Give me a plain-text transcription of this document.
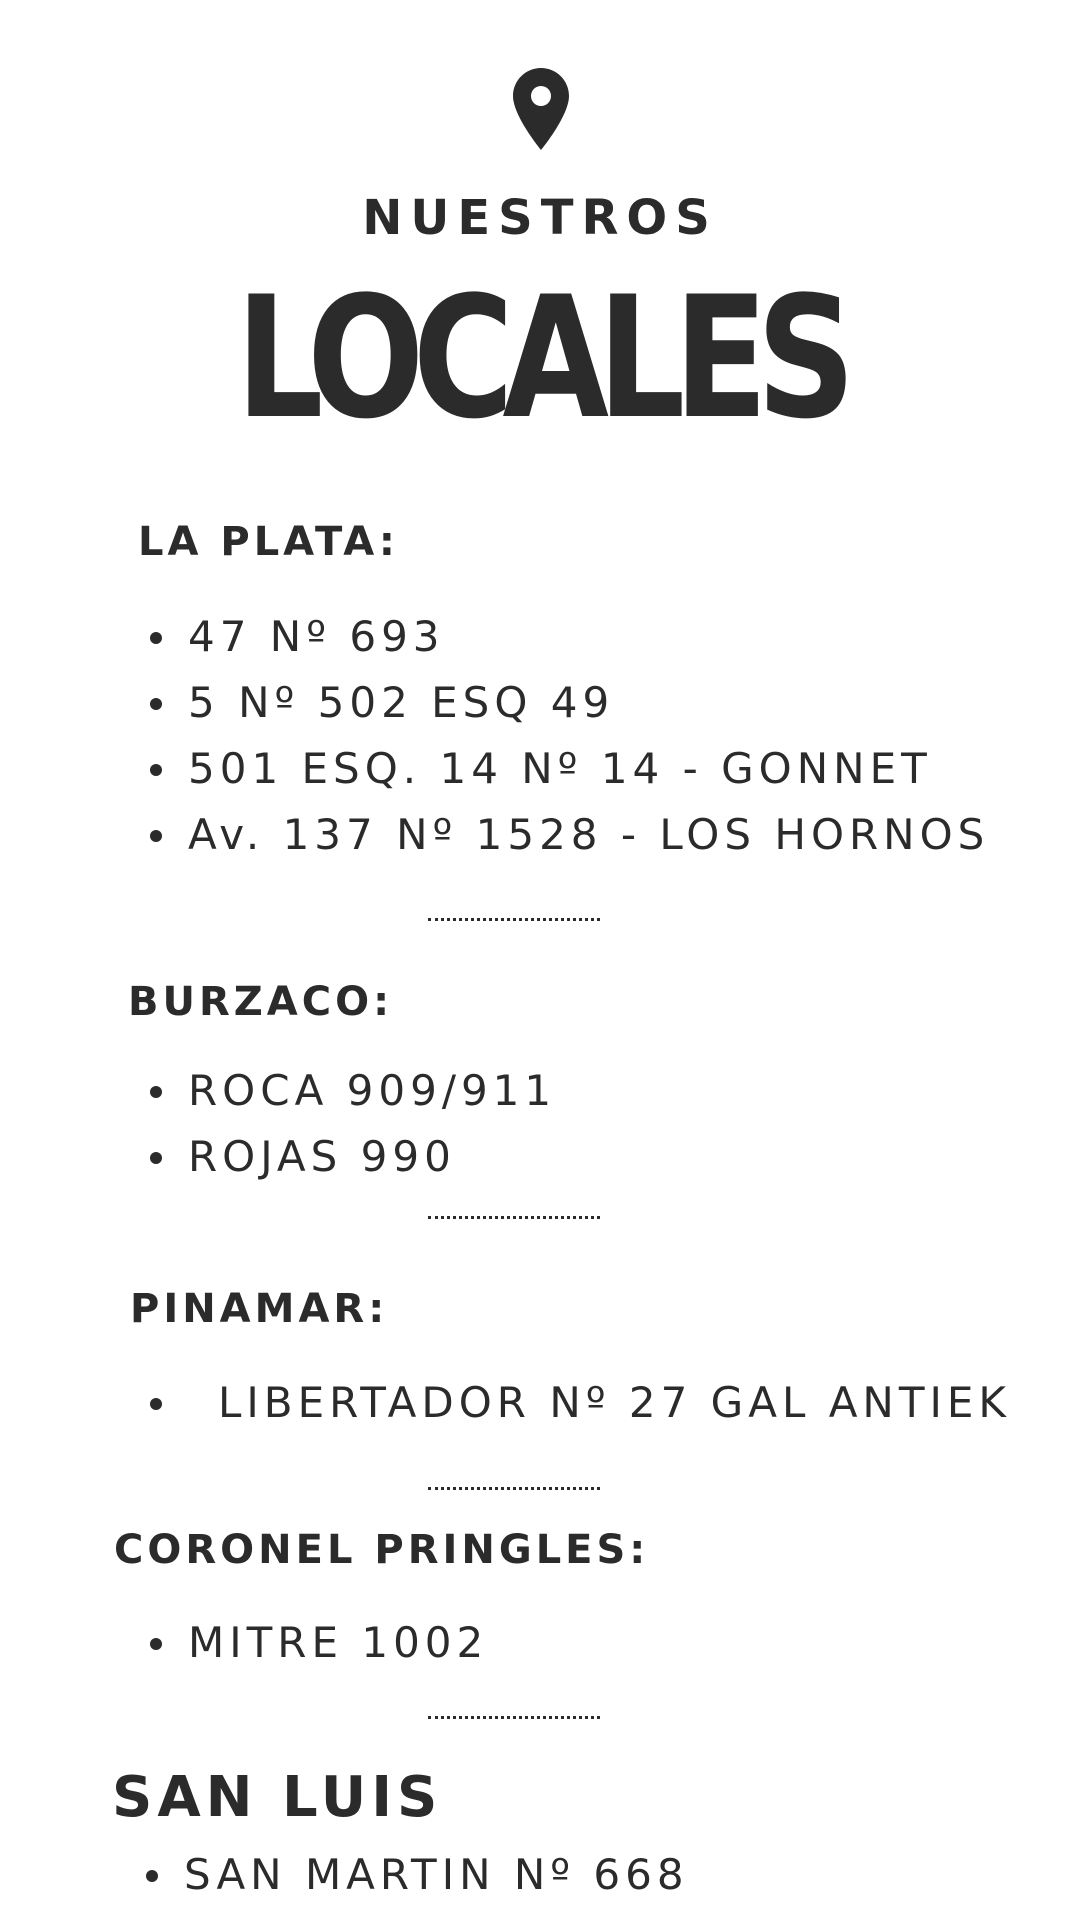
NUESTROS
LOCALES
LA PLATA:
47 Nº 693
5 Nº 502 ESQ 49
501 ESQ. 14 Nº 14 - GONNET
Av. 137 Nº 1528 - LOS HORNOS
BURZACO:
ROCA 909/911
ROJAS 990
PINAMAR:
LIBERTADOR Nº 27 GAL ANTIEK
CORONEL PRINGLES:
MITRE 1002
SAN LUIS
SAN MARTIN Nº 668
